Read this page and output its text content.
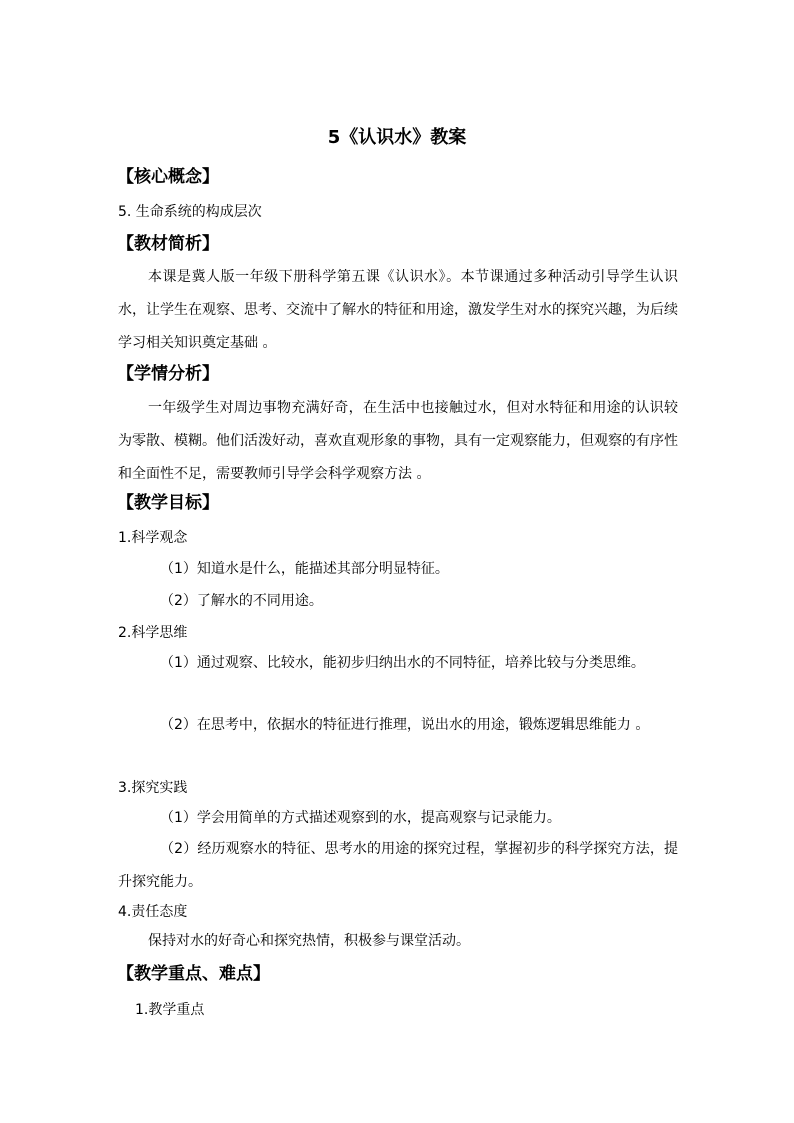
5《认识水》教案
【核心概念】
5. 生命系统的构成层次
【教材简析】
本课是冀人版一年级下册科学第五课《认识水》。本节课通过多种活动引导学生认识水，让学生在观察、思考、交流中了解水的特征和用途，激发学生对水的探究兴趣，为后续学习相关知识奠定基础 。
【学情分析】
一年级学生对周边事物充满好奇，在生活中也接触过水，但对水特征和用途的认识较为零散、模糊。他们活泼好动，喜欢直观形象的事物，具有一定观察能力，但观察的有序性和全面性不足，需要教师引导学会科学观察方法 。
【教学目标】
1.科学观念
（1）知道水是什么，能描述其部分明显特征。
（2）了解水的不同用途。
2.科学思维
（1）通过观察、比较水，能初步归纳出水的不同特征，培养比较与分类思维。
（2）在思考中，依据水的特征进行推理，说出水的用途，锻炼逻辑思维能力 。
3.探究实践
（1）学会用简单的方式描述观察到的水，提高观察与记录能力。
（2）经历观察水的特征、思考水的用途的探究过程，掌握初步的科学探究方法，提升探究能力。
4.责任态度
保持对水的好奇心和探究热情，积极参与课堂活动。
【教学重点、难点】
1.教学重点
